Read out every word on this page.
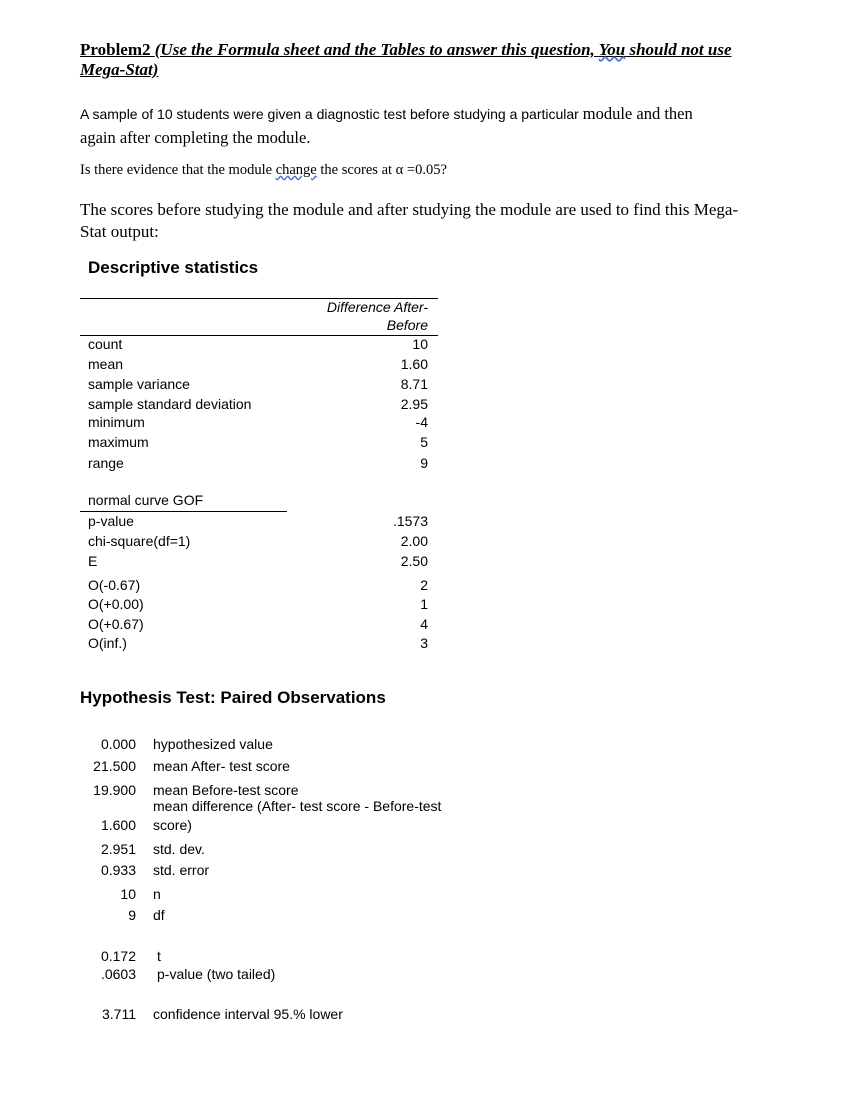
Problem2 (Use the Formula sheet and the Tables to answer this question, You should not use
Mega-Stat)
A sample of 10 students were given a diagnostic test before studying a particular module and then
again after completing the module.
Is there evidence that the module change the scores at α =0.05?
The scores before studying the module and after studying the module are used to find this Mega-
Stat output:
Descriptive statistics
Difference After-
Before
count	10
mean	1.60
sample variance	8.71
sample standard deviation	2.95
minimum	-4
maximum	5
range	9
normal curve GOF
p-value	.1573
chi-square(df=1)	2.00
E	2.50
O(-0.67)	2
O(+0.00)	1
O(+0.67)	4
O(inf.)	3
Hypothesis Test: Paired Observations
0.000 hypothesized value
21.500 mean After- test score
19.900 mean Before-test score
mean difference (After- test score - Before-test
1.600 score)
2.951 std. dev.
0.933 std. error
10 n
9 df
0.172 t
.0603 p-value (two tailed)
3.711 confidence interval 95.% lower
